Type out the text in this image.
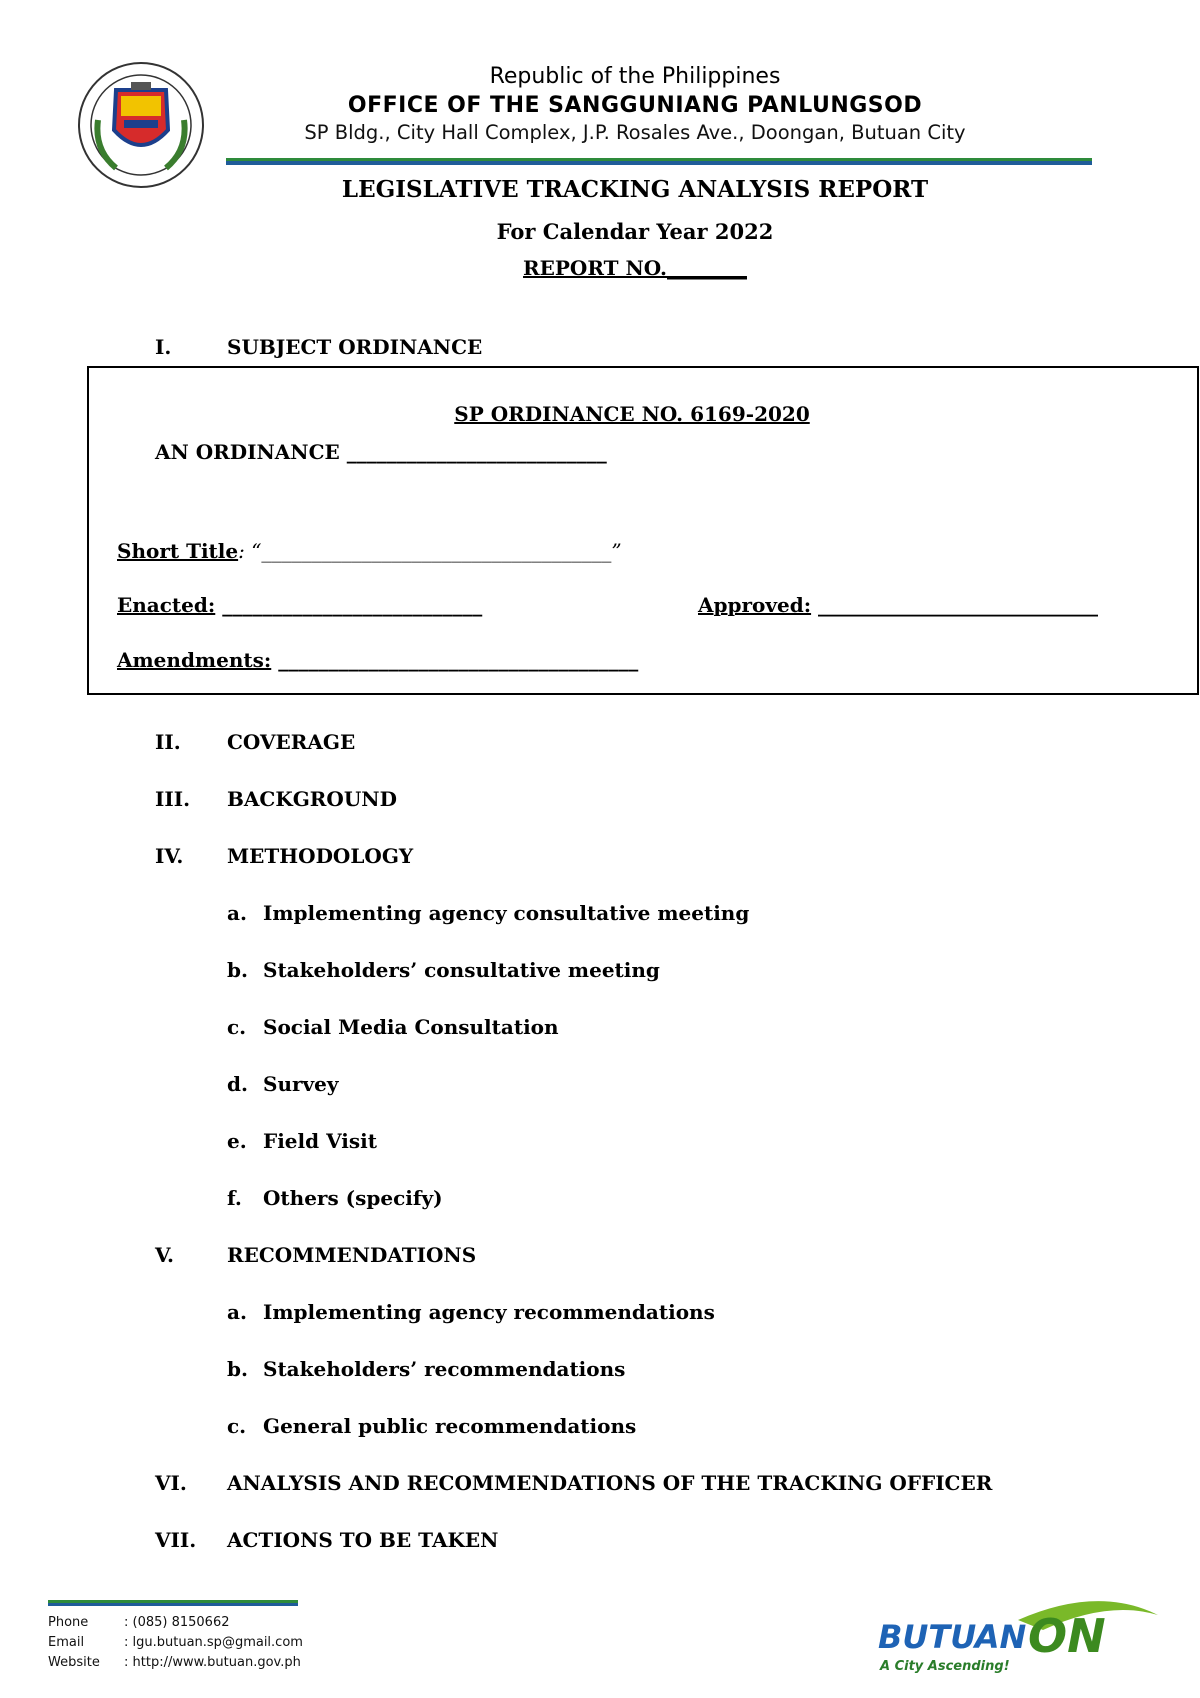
Republic of the Philippines
OFFICE OF THE SANGGUNIANG PANLUNGSOD
SP Bldg., City Hall Complex, J.P. Rosales Ave., Doongan, Butuan City
LEGISLATIVE TRACKING ANALYSIS REPORT
For Calendar Year 2022
REPORT NO.________
I.	SUBJECT ORDINANCE
SP ORDINANCE NO. 6169-2020
AN ORDINANCE __________________________
Short Title: “___________________________________”
Enacted: __________________________	Approved: ____________________________
Amendments: ____________________________________
II. COVERAGE
III. BACKGROUND
IV. METHODOLOGY
a. Implementing agency consultative meeting
b. Stakeholders’ consultative meeting
c. Social Media Consultation
d. Survey
e. Field Visit
f. Others (specify)
V.	RECOMMENDATIONS
a. Implementing agency recommendations
b. Stakeholders’ recommendations
c. General public recommendations
VI. ANALYSIS AND RECOMMENDATIONS OF THE TRACKING OFFICER
VII. ACTIONS TO BE TAKEN
Phone	: (085) 8150662
Email	: lgu.butuan.sp@gmail.com
Website : http://www.butuan.gov.ph
BUTUAN ON
A City Ascending!
